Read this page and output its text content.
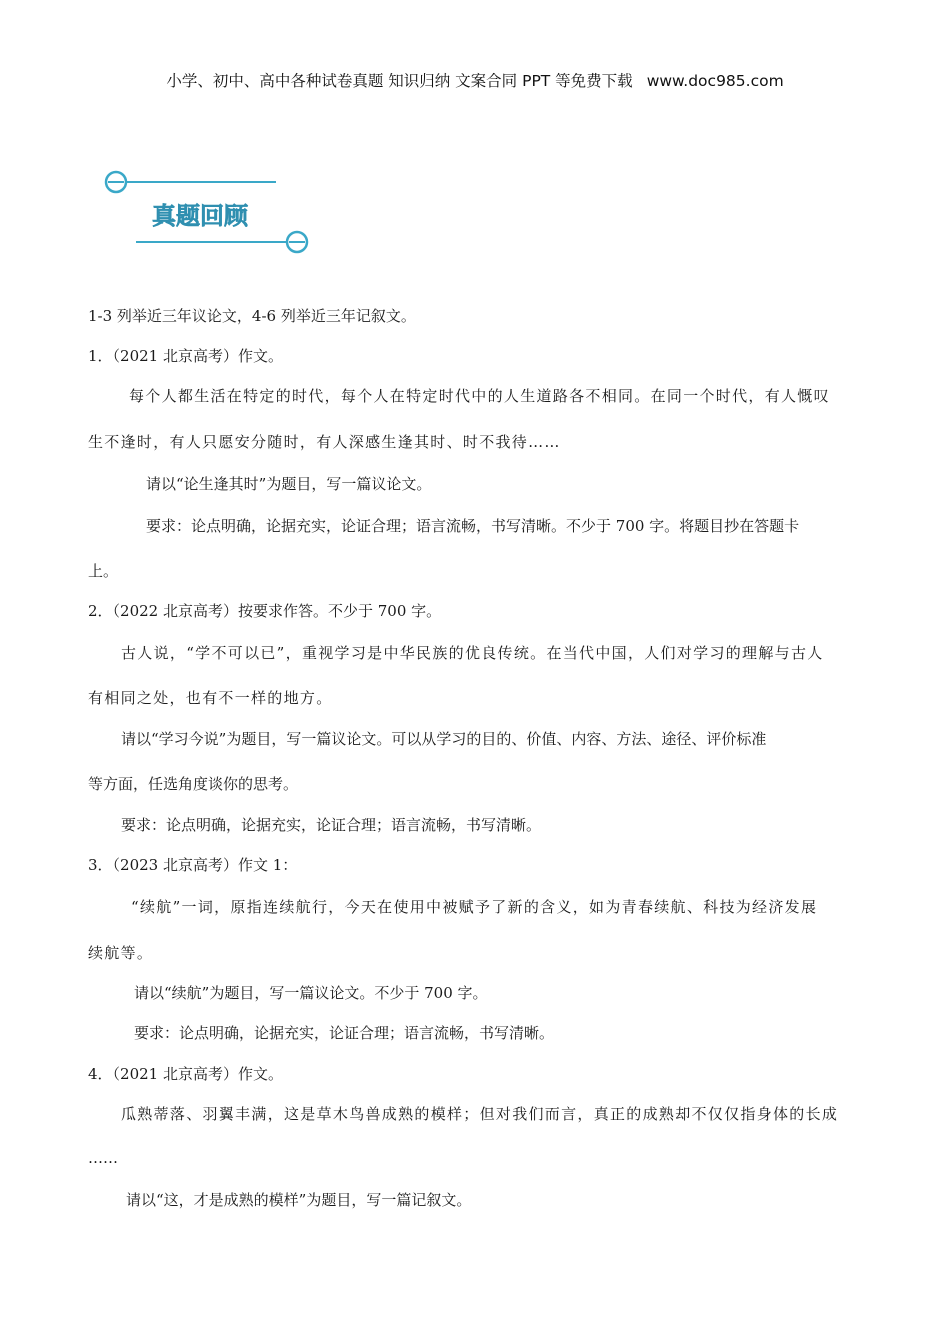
小学、初中、高中各种试卷真题 知识归纳 文案合同 PPT 等免费下载 www.doc985.com
真题回顾
1-3 列举近三年议论文，4-6 列举近三年记叙文。
1．（2021 北京高考）作文。
每个人都生活在特定的时代，每个人在特定时代中的人生道路各不相同。在同一个时代，有人慨叹
生不逢时，有人只愿安分随时，有人深感生逢其时、时不我待……
请以“论生逢其时”为题目，写一篇议论文。
要求：论点明确，论据充实，论证合理；语言流畅，书写清晰。不少于 700 字。将题目抄在答题卡
上。
2．（2022 北京高考）按要求作答。不少于 700 字。
古人说，“学不可以已”，重视学习是中华民族的优良传统。在当代中国，人们对学习的理解与古人
有相同之处，也有不一样的地方。
请以“学习今说”为题目，写一篇议论文。可以从学习的目的、价值、内容、方法、途径、评价标准
等方面，任选角度谈你的思考。
要求：论点明确，论据充实，论证合理；语言流畅，书写清晰。
3．（2023 北京高考）作文 1：
“续航”一词，原指连续航行，今天在使用中被赋予了新的含义，如为青春续航、科技为经济发展
续航等。
请以“续航”为题目，写一篇议论文。不少于 700 字。
要求：论点明确，论据充实，论证合理；语言流畅，书写清晰。
4．（2021 北京高考）作文。
瓜熟蒂落、羽翼丰满，这是草木鸟兽成熟的模样；但对我们而言，真正的成熟却不仅仅指身体的长成
……
请以“这，才是成熟的模样”为题目，写一篇记叙文。
